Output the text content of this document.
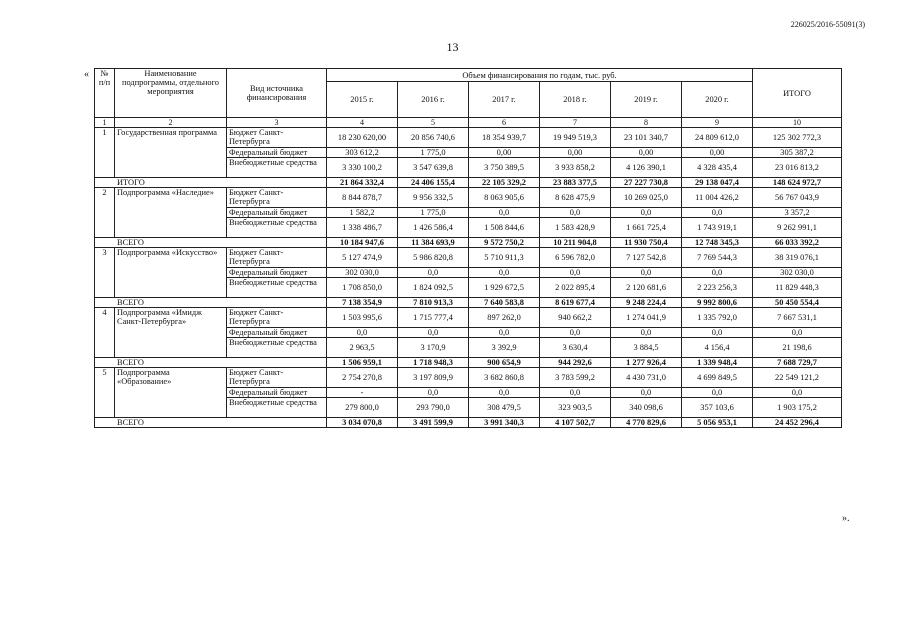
226025/2016-55091(3)
13
«
».
№ п/п	Наименование подпрограммы, отдельного мероприятия	Вид источника финансирования	Объем финансирования по годам, тыс. руб.						ИТОГО
			2015 г.	2016 г.	2017 г.	2018 г.	2019 г.	2020 г.	
1	2	3	4	5	6	7	8	9	10
1	Государственная программа	Бюджет Санкт-Петербурга	18 230 620,00	20 856 740,6	18 354 939,7	19 949 519,3	23 101 340,7	24 809 612,0	125 302 772,3
		Федеральный бюджет	303 612,2	1 775,0	0,00	0,00	0,00	0,00	305 387,2
		Внебюджетные средства	3 330 100,2	3 547 639,8	3 750 389,5	3 933 858,2	4 126 390,1	4 328 435,4	23 016 813,2
ИТОГО			21 864 332,4	24 406 155,4	22 105 329,2	23 883 377,5	27 227 730,8	29 138 047,4	148 624 972,7
2	Подпрограмма «Наследие»	Бюджет Санкт-Петербурга	8 844 878,7	9 956 332,5	8 063 905,6	8 628 475,9	10 269 025,0	11 004 426,2	56 767 043,9
		Федеральный бюджет	1 582,2	1 775,0	0,0	0,0	0,0	0,0	3 357,2
		Внебюджетные средства	1 338 486,7	1 426 586,4	1 508 844,6	1 583 428,9	1 661 725,4	1 743 919,1	9 262 991,1
ВСЕГО			10 184 947,6	11 384 693,9	9 572 750,2	10 211 904,8	11 930 750,4	12 748 345,3	66 033 392,2
3	Подпрограмма «Искусство»	Бюджет Санкт-Петербурга	5 127 474,9	5 986 820,8	5 710 911,3	6 596 782,0	7 127 542,8	7 769 544,3	38 319 076,1
		Федеральный бюджет	302 030,0	0,0	0,0	0,0	0,0	0,0	302 030,0
		Внебюджетные средства	1 708 850,0	1 824 092,5	1 929 672,5	2 022 895,4	2 120 681,6	2 223 256,3	11 829 448,3
ВСЕГО			7 138 354,9	7 810 913,3	7 640 583,8	8 619 677,4	9 248 224,4	9 992 800,6	50 450 554,4
4	Подпрограмма «Имидж Санкт-Петербурга»	Бюджет Санкт-Петербурга	1 503 995,6	1 715 777,4	897 262,0	940 662,2	1 274 041,9	1 335 792,0	7 667 531,1
		Федеральный бюджет	0,0	0,0	0,0	0,0	0,0	0,0	0,0
		Внебюджетные средства	2 963,5	3 170,9	3 392,9	3 630,4	3 884,5	4 156,4	21 198,6
ВСЕГО			1 506 959,1	1 718 948,3	900 654,9	944 292,6	1 277 926,4	1 339 948,4	7 688 729,7
5	Подпрограмма «Образование»	Бюджет Санкт-Петербурга	2 754 270,8	3 197 809,9	3 682 860,8	3 783 599,2	4 430 731,0	4 699 849,5	22 549 121,2
		Федеральный бюджет	-	0,0	0,0	0,0	0,0	0,0	0,0
		Внебюджетные средства	279 800,0	293 790,0	308 479,5	323 903,5	340 098,6	357 103,6	1 903 175,2
ВСЕГО			3 034 070,8	3 491 599,9	3 991 340,3	4 107 502,7	4 770 829,6	5 056 953,1	24 452 296,4
